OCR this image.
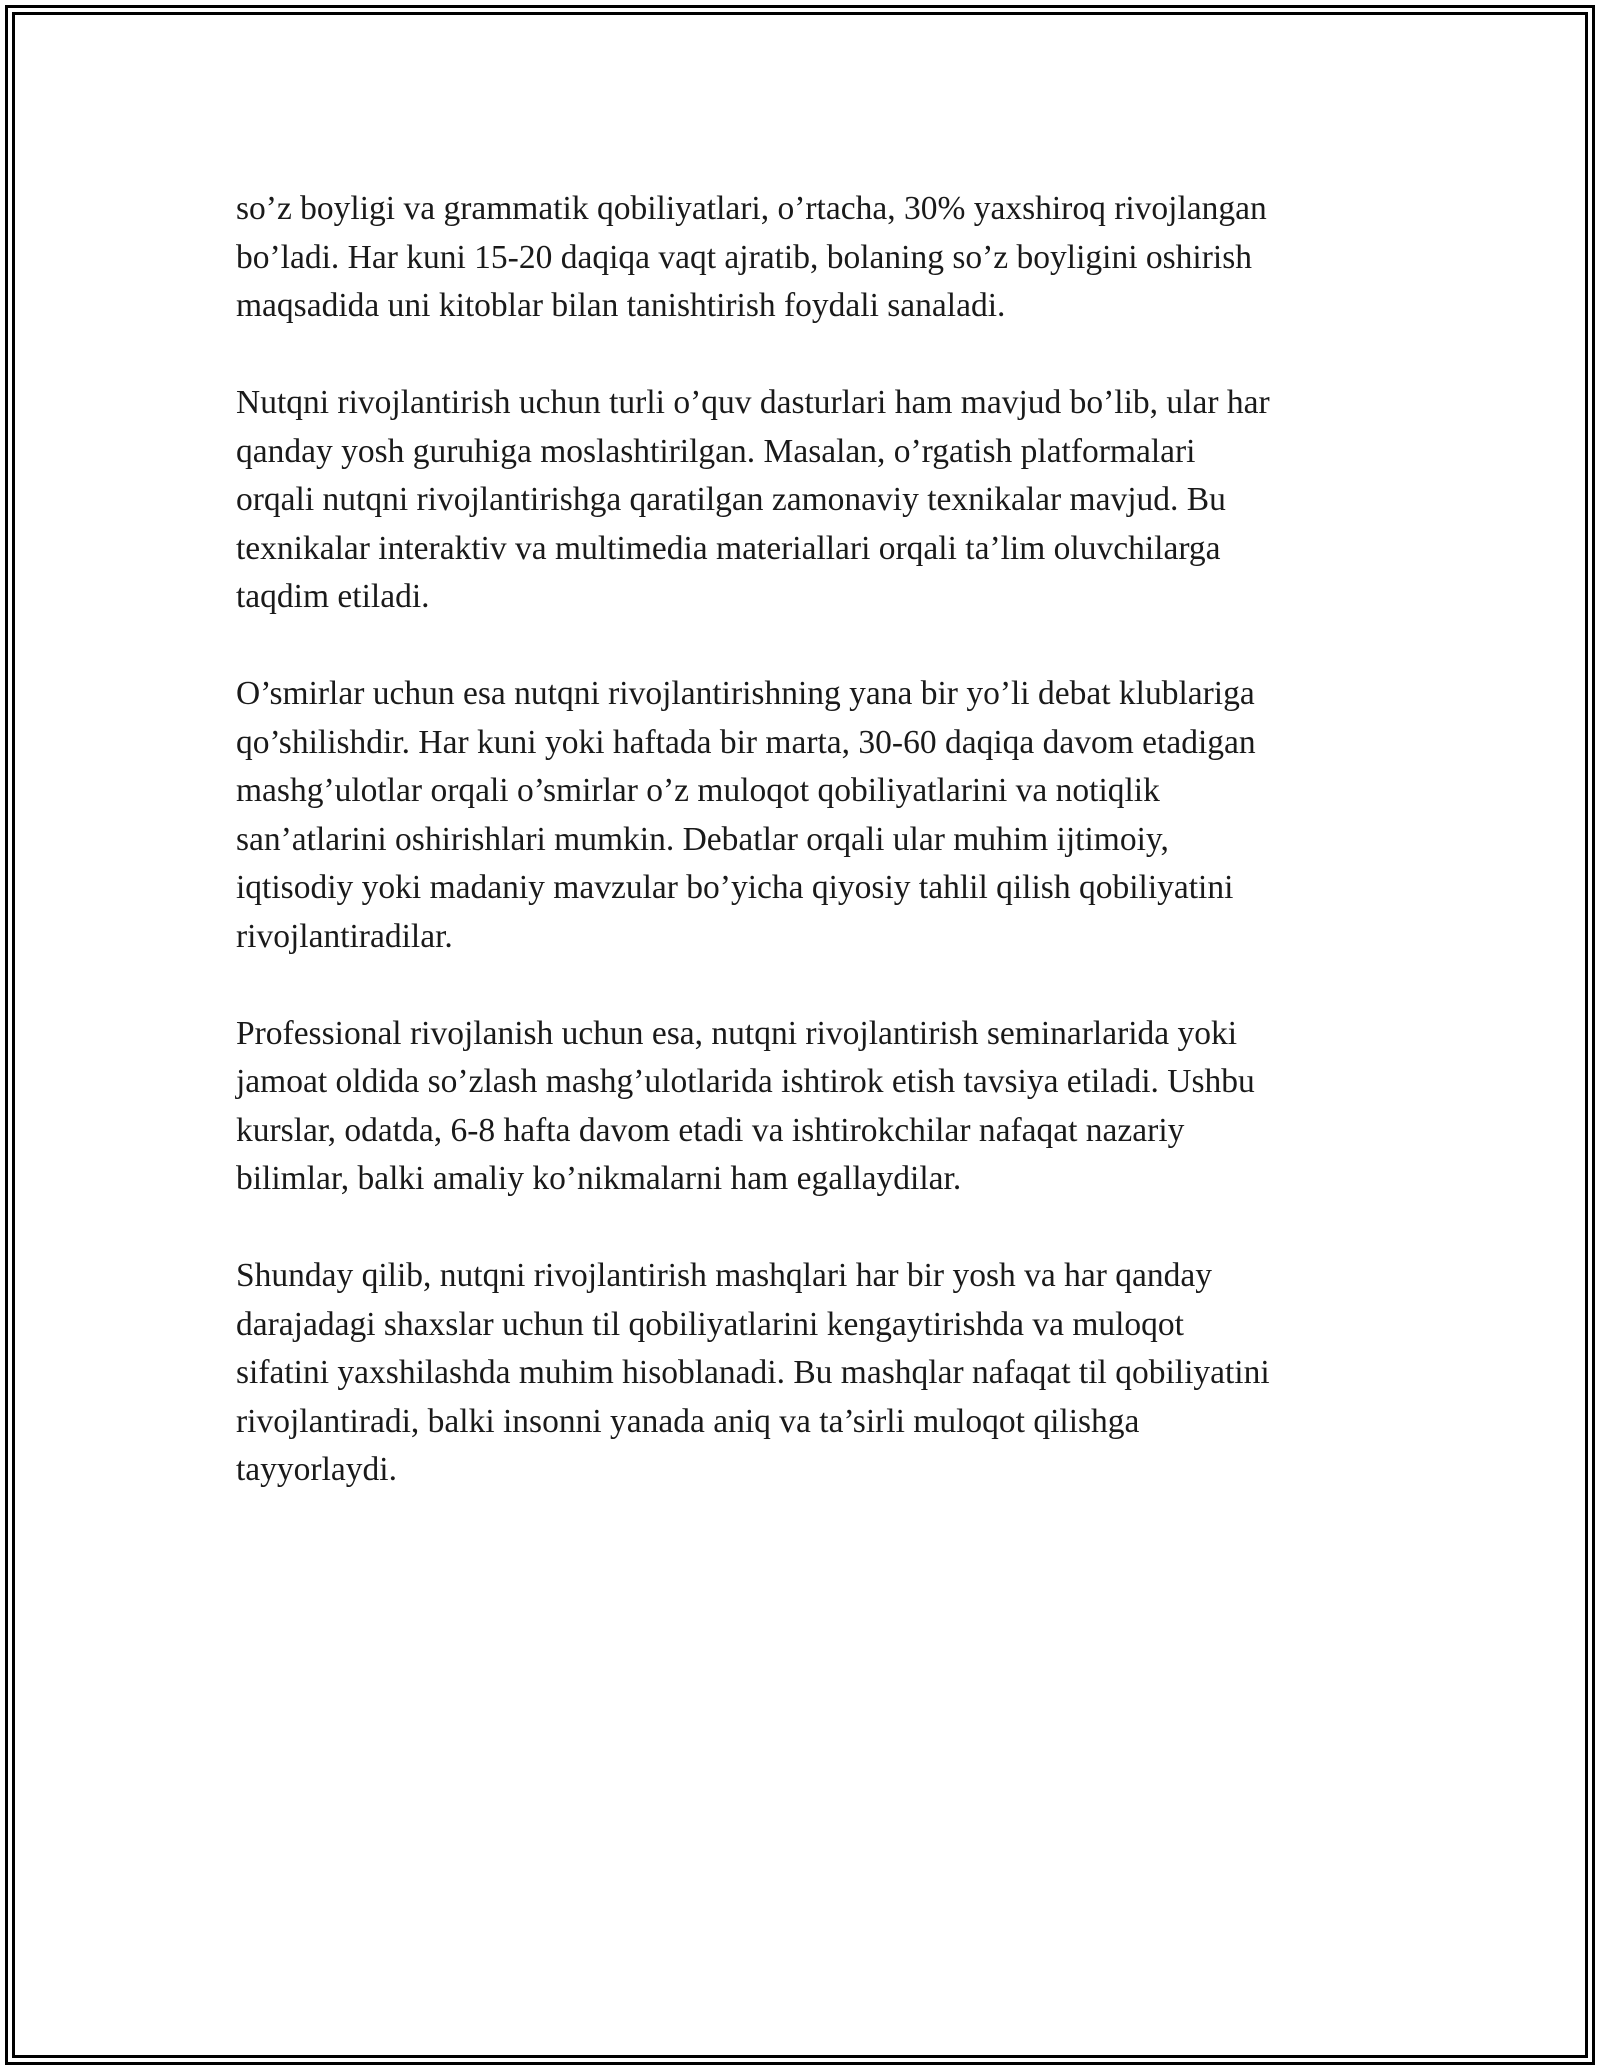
so’z boyligi va grammatik qobiliyatlari, o’rtacha, 30% yaxshiroq rivojlangan
bo’ladi. Har kuni 15-20 daqiqa vaqt ajratib, bolaning so’z boyligini oshirish
maqsadida uni kitoblar bilan tanishtirish foydali sanaladi.

Nutqni rivojlantirish uchun turli o’quv dasturlari ham mavjud bo’lib, ular har
qanday yosh guruhiga moslashtirilgan. Masalan, o’rgatish platformalari
orqali nutqni rivojlantirishga qaratilgan zamonaviy texnikalar mavjud. Bu
texnikalar interaktiv va multimedia materiallari orqali ta’lim oluvchilarga
taqdim etiladi.

O’smirlar uchun esa nutqni rivojlantirishning yana bir yo’li debat klublariga
qo’shilishdir. Har kuni yoki haftada bir marta, 30-60 daqiqa davom etadigan
mashg’ulotlar orqali o’smirlar o’z muloqot qobiliyatlarini va notiqlik
san’atlarini oshirishlari mumkin. Debatlar orqali ular muhim ijtimoiy,
iqtisodiy yoki madaniy mavzular bo’yicha qiyosiy tahlil qilish qobiliyatini
rivojlantiradilar.

Professional rivojlanish uchun esa, nutqni rivojlantirish seminarlarida yoki
jamoat oldida so’zlash mashg’ulotlarida ishtirok etish tavsiya etiladi. Ushbu
kurslar, odatda, 6-8 hafta davom etadi va ishtirokchilar nafaqat nazariy
bilimlar, balki amaliy ko’nikmalarni ham egallaydilar.

Shunday qilib, nutqni rivojlantirish mashqlari har bir yosh va har qanday
darajadagi shaxslar uchun til qobiliyatlarini kengaytirishda va muloqot
sifatini yaxshilashda muhim hisoblanadi. Bu mashqlar nafaqat til qobiliyatini
rivojlantiradi, balki insonni yanada aniq va ta’sirli muloqot qilishga
tayyorlaydi.
